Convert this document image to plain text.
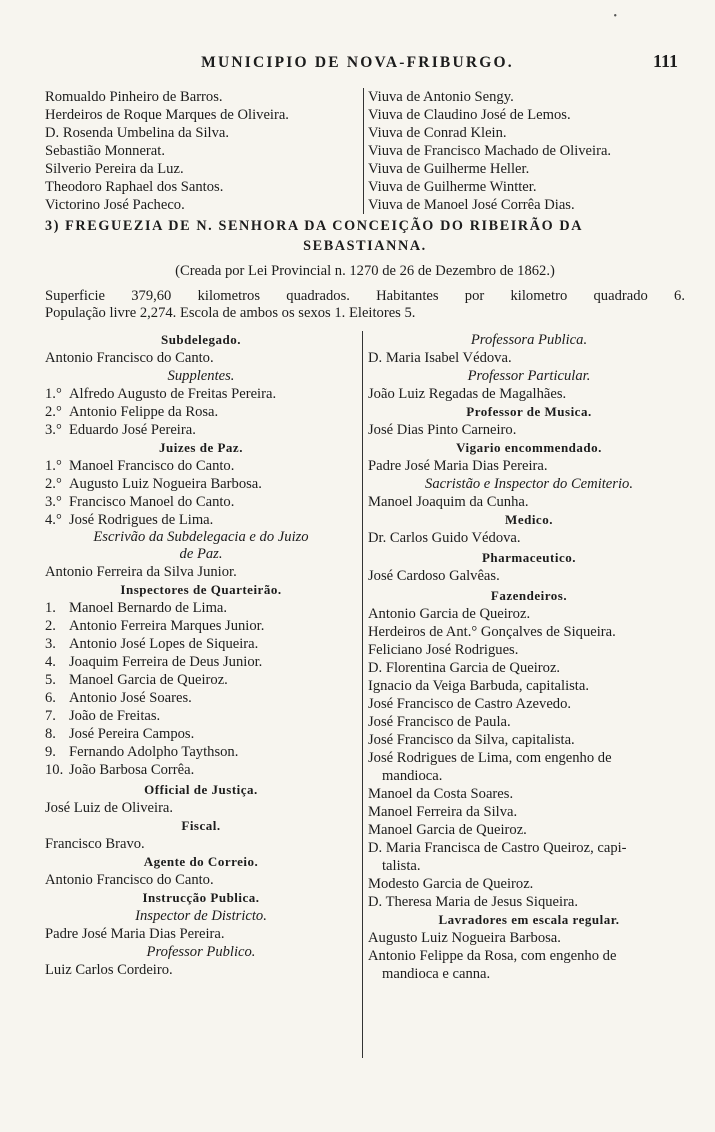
•
MUNICIPIO DE NOVA-FRIBURGO.	111
Romualdo Pinheiro de Barros.
Herdeiros de Roque Marques de Oliveira.
D. Rosenda Umbelina da Silva.
Sebastião Monnerat.
Silverio Pereira da Luz.
Theodoro Raphael dos Santos.
Victorino José Pacheco.
Viuva de Antonio Sengy.
Viuva de Claudino José de Lemos.
Viuva de Conrad Klein.
Viuva de Francisco Machado de Oliveira.
Viuva de Guilherme Heller.
Viuva de Guilherme Wintter.
Viuva de Manoel José Corrêa Dias.
3) FREGUEZIA DE N. SENHORA DA CONCEIÇÃO DO RIBEIRÃO DA
SEBASTIANNA.
(Creada por Lei Provincial n. 1270 de 26 de Dezembro de 1862.)
Superficie 379,60 kilometros quadrados. Habitantes por kilometro quadrado 6.
População livre 2,274. Escola de ambos os sexos 1. Eleitores 5.
Subdelegado.
Antonio Francisco do Canto.
Supplentes.
1.° Alfredo Augusto de Freitas Pereira.
2.° Antonio Felippe da Rosa.
3.° Eduardo José Pereira.
Juizes de Paz.
1.° Manoel Francisco do Canto.
2.° Augusto Luiz Nogueira Barbosa.
3.° Francisco Manoel do Canto.
4.° José Rodrigues de Lima.
Escrivão da Subdelegacia e do Juizo
de Paz.
Antonio Ferreira da Silva Junior.
Inspectores de Quarteirão.
1. Manoel Bernardo de Lima.
2. Antonio Ferreira Marques Junior.
3. Antonio José Lopes de Siqueira.
4. Joaquim Ferreira de Deus Junior.
5. Manoel Garcia de Queiroz.
6. Antonio José Soares.
7. João de Freitas.
8. José Pereira Campos.
9. Fernando Adolpho Taythson.
10. João Barbosa Corrêa.
Official de Justiça.
José Luiz de Oliveira.
Fiscal.
Francisco Bravo.
Agente do Correio.
Antonio Francisco do Canto.
Instrucção Publica.
Inspector de Districto.
Padre José Maria Dias Pereira.
Professor Publico.
Luiz Carlos Cordeiro.
Professora Publica.
D. Maria Isabel Védova.
Professor Particular.
João Luiz Regadas de Magalhães.
Professor de Musica.
José Dias Pinto Carneiro.
Vigario encommendado.
Padre José Maria Dias Pereira.
Sacristão e Inspector do Cemiterio.
Manoel Joaquim da Cunha.
Medico.
Dr. Carlos Guido Védova.
Pharmaceutico.
José Cardoso Galvêas.
Fazendeiros.
Antonio Garcia de Queiroz.
Herdeiros de Ant.° Gonçalves de Siqueira.
Feliciano José Rodrigues.
D. Florentina Garcia de Queiroz.
Ignacio da Veiga Barbuda, capitalista.
José Francisco de Castro Azevedo.
José Francisco de Paula.
José Francisco da Silva, capitalista.
José Rodrigues de Lima, com engenho de
mandioca.
Manoel da Costa Soares.
Manoel Ferreira da Silva.
Manoel Garcia de Queiroz.
D. Maria Francisca de Castro Queiroz, capi-
talista.
Modesto Garcia de Queiroz.
D. Theresa Maria de Jesus Siqueira.
Lavradores em escala regular.
Augusto Luiz Nogueira Barbosa.
Antonio Felippe da Rosa, com engenho de
mandioca e canna.
